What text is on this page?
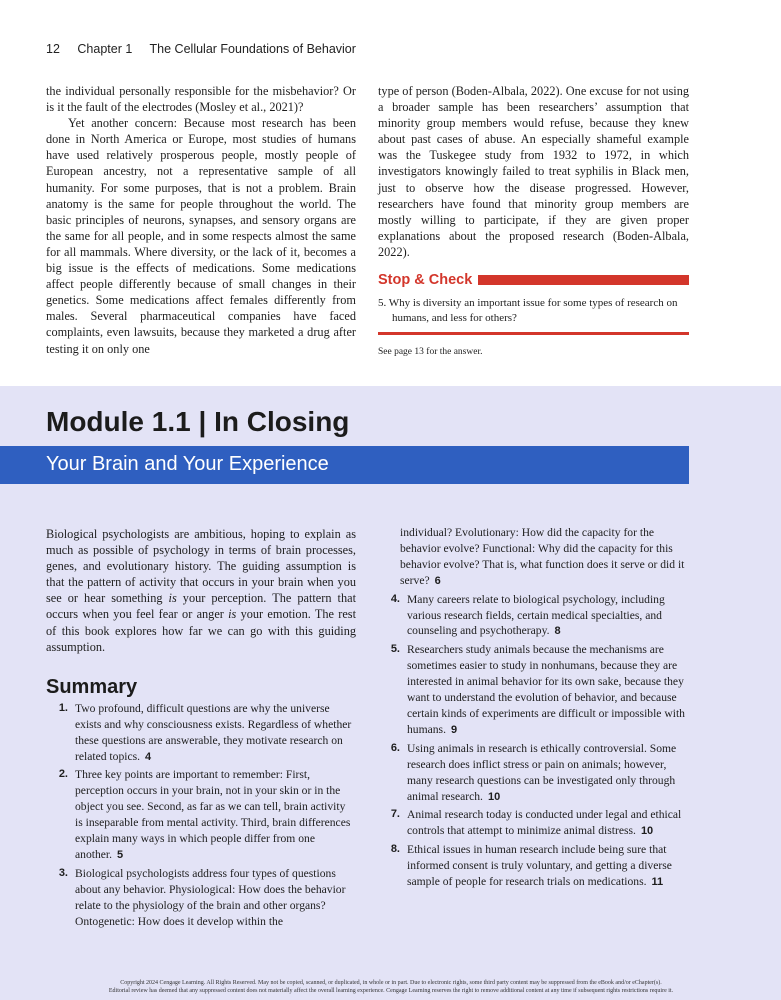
12 Chapter 1 The Cellular Foundations of Behavior

the individual personally responsible for the misbehavior? Or is it the fault of the electrodes (Mosley et al., 2021)?

Yet another concern: Because most research has been done in North America or Europe, most studies of humans have used relatively prosperous people, mostly people of European ancestry, not a representative sample of all humanity. For some purposes, that is not a problem. Brain anatomy is the same for people throughout the world. The basic principles of neurons, synapses, and sensory organs are the same for all people, and in some respects almost the same for all mammals. Where diversity, or the lack of it, becomes a big issue is the effects of medications. Some medications affect people differently because of small changes in their genetics. Some medications affect females differently from males. Several pharmaceutical companies have faced complaints, even lawsuits, because they marketed a drug after testing it on only one

type of person (Boden-Albala, 2022). One excuse for not using a broader sample has been researchers’ assumption that minority group members would refuse, because they knew about past cases of abuse. An especially shameful example was the Tuskegee study from 1932 to 1972, in which investigators knowingly failed to treat syphilis in Black men, just to observe how the disease progressed. However, researchers have found that minority group members are mostly willing to participate, if they are given proper explanations about the proposed research (Boden-Albala, 2022).

Stop & Check

5. Why is diversity an important issue for some types of research on humans, and less for others?

See page 13 for the answer.

Module 1.1 | In Closing
Your Brain and Your Experience

Biological psychologists are ambitious, hoping to explain as much as possible of psychology in terms of brain processes, genes, and evolutionary history. The guiding assumption is that the pattern of activity that occurs in your brain when you see or hear something is your perception. The pattern that occurs when you feel fear or anger is your emotion. The rest of this book explores how far we can go with this guiding assumption.

Summary
1. Two profound, difficult questions are why the universe exists and why consciousness exists. Regardless of whether these questions are answerable, they motivate research on related topics. 4
2. Three key points are important to remember: First, perception occurs in your brain, not in your skin or in the object you see. Second, as far as we can tell, brain activity is inseparable from mental activity. Third, brain differences explain many ways in which people differ from one another. 5
3. Biological psychologists address four types of questions about any behavior. Physiological: How does the behavior relate to the physiology of the brain and other organs? Ontogenetic: How does it develop within the
individual? Evolutionary: How did the capacity for the behavior evolve? Functional: Why did the capacity for this behavior evolve? That is, what function does it serve or did it serve? 6
4. Many careers relate to biological psychology, including various research fields, certain medical specialties, and counseling and psychotherapy. 8
5. Researchers study animals because the mechanisms are sometimes easier to study in nonhumans, because they are interested in animal behavior for its own sake, because they want to understand the evolution of behavior, and because certain kinds of experiments are difficult or impossible with humans. 9
6. Using animals in research is ethically controversial. Some research does inflict stress or pain on animals; however, many research questions can be investigated only through animal research. 10
7. Animal research today is conducted under legal and ethical controls that attempt to minimize animal distress. 10
8. Ethical issues in human research include being sure that informed consent is truly voluntary, and getting a diverse sample of people for research trials on medications. 11
Copyright 2024 Cengage Learning. All Rights Reserved. May not be copied, scanned, or duplicated, in whole or in part. Due to electronic rights, some third party content may be suppressed from the eBook and/or eChapter(s).
Editorial review has deemed that any suppressed content does not materially affect the overall learning experience. Cengage Learning reserves the right to remove additional content at any time if subsequent rights restrictions require it.
